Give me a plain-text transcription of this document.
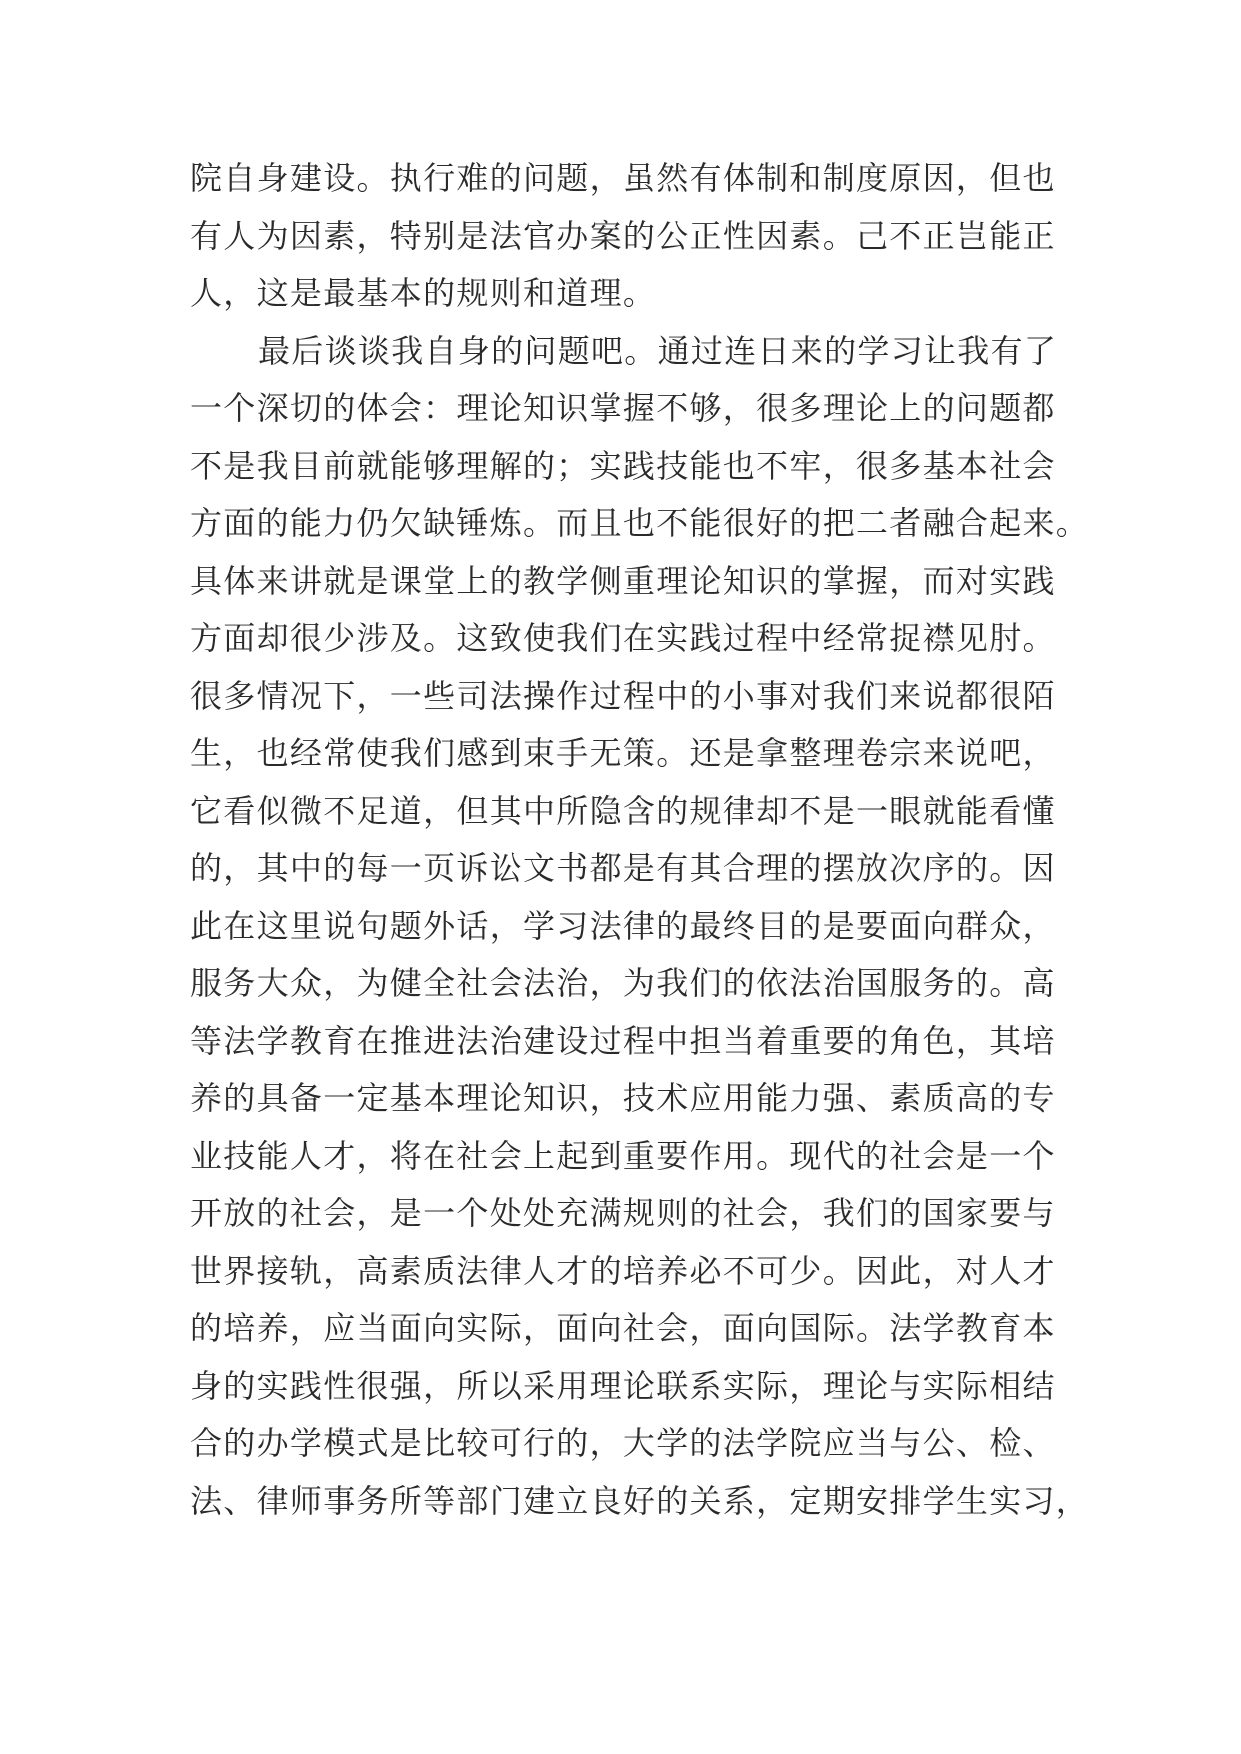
院自身建设。执行难的问题，虽然有体制和制度原因，但也
有人为因素，特别是法官办案的公正性因素。己不正岂能正
人，这是最基本的规则和道理。
最后谈谈我自身的问题吧。通过连日来的学习让我有了
一个深切的体会：理论知识掌握不够，很多理论上的问题都
不是我目前就能够理解的；实践技能也不牢，很多基本社会
方面的能力仍欠缺锤炼。而且也不能很好的把二者融合起来。
具体来讲就是课堂上的教学侧重理论知识的掌握，而对实践
方面却很少涉及。这致使我们在实践过程中经常捉襟见肘。
很多情况下，一些司法操作过程中的小事对我们来说都很陌
生，也经常使我们感到束手无策。还是拿整理卷宗来说吧，
它看似微不足道，但其中所隐含的规律却不是一眼就能看懂
的，其中的每一页诉讼文书都是有其合理的摆放次序的。因
此在这里说句题外话，学习法律的最终目的是要面向群众，
服务大众，为健全社会法治，为我们的依法治国服务的。高
等法学教育在推进法治建设过程中担当着重要的角色，其培
养的具备一定基本理论知识，技术应用能力强、素质高的专
业技能人才，将在社会上起到重要作用。现代的社会是一个
开放的社会，是一个处处充满规则的社会，我们的国家要与
世界接轨，高素质法律人才的培养必不可少。因此，对人才
的培养，应当面向实际，面向社会，面向国际。法学教育本
身的实践性很强，所以采用理论联系实际，理论与实际相结
合的办学模式是比较可行的，大学的法学院应当与公、检、
法、律师事务所等部门建立良好的关系，定期安排学生实习，
